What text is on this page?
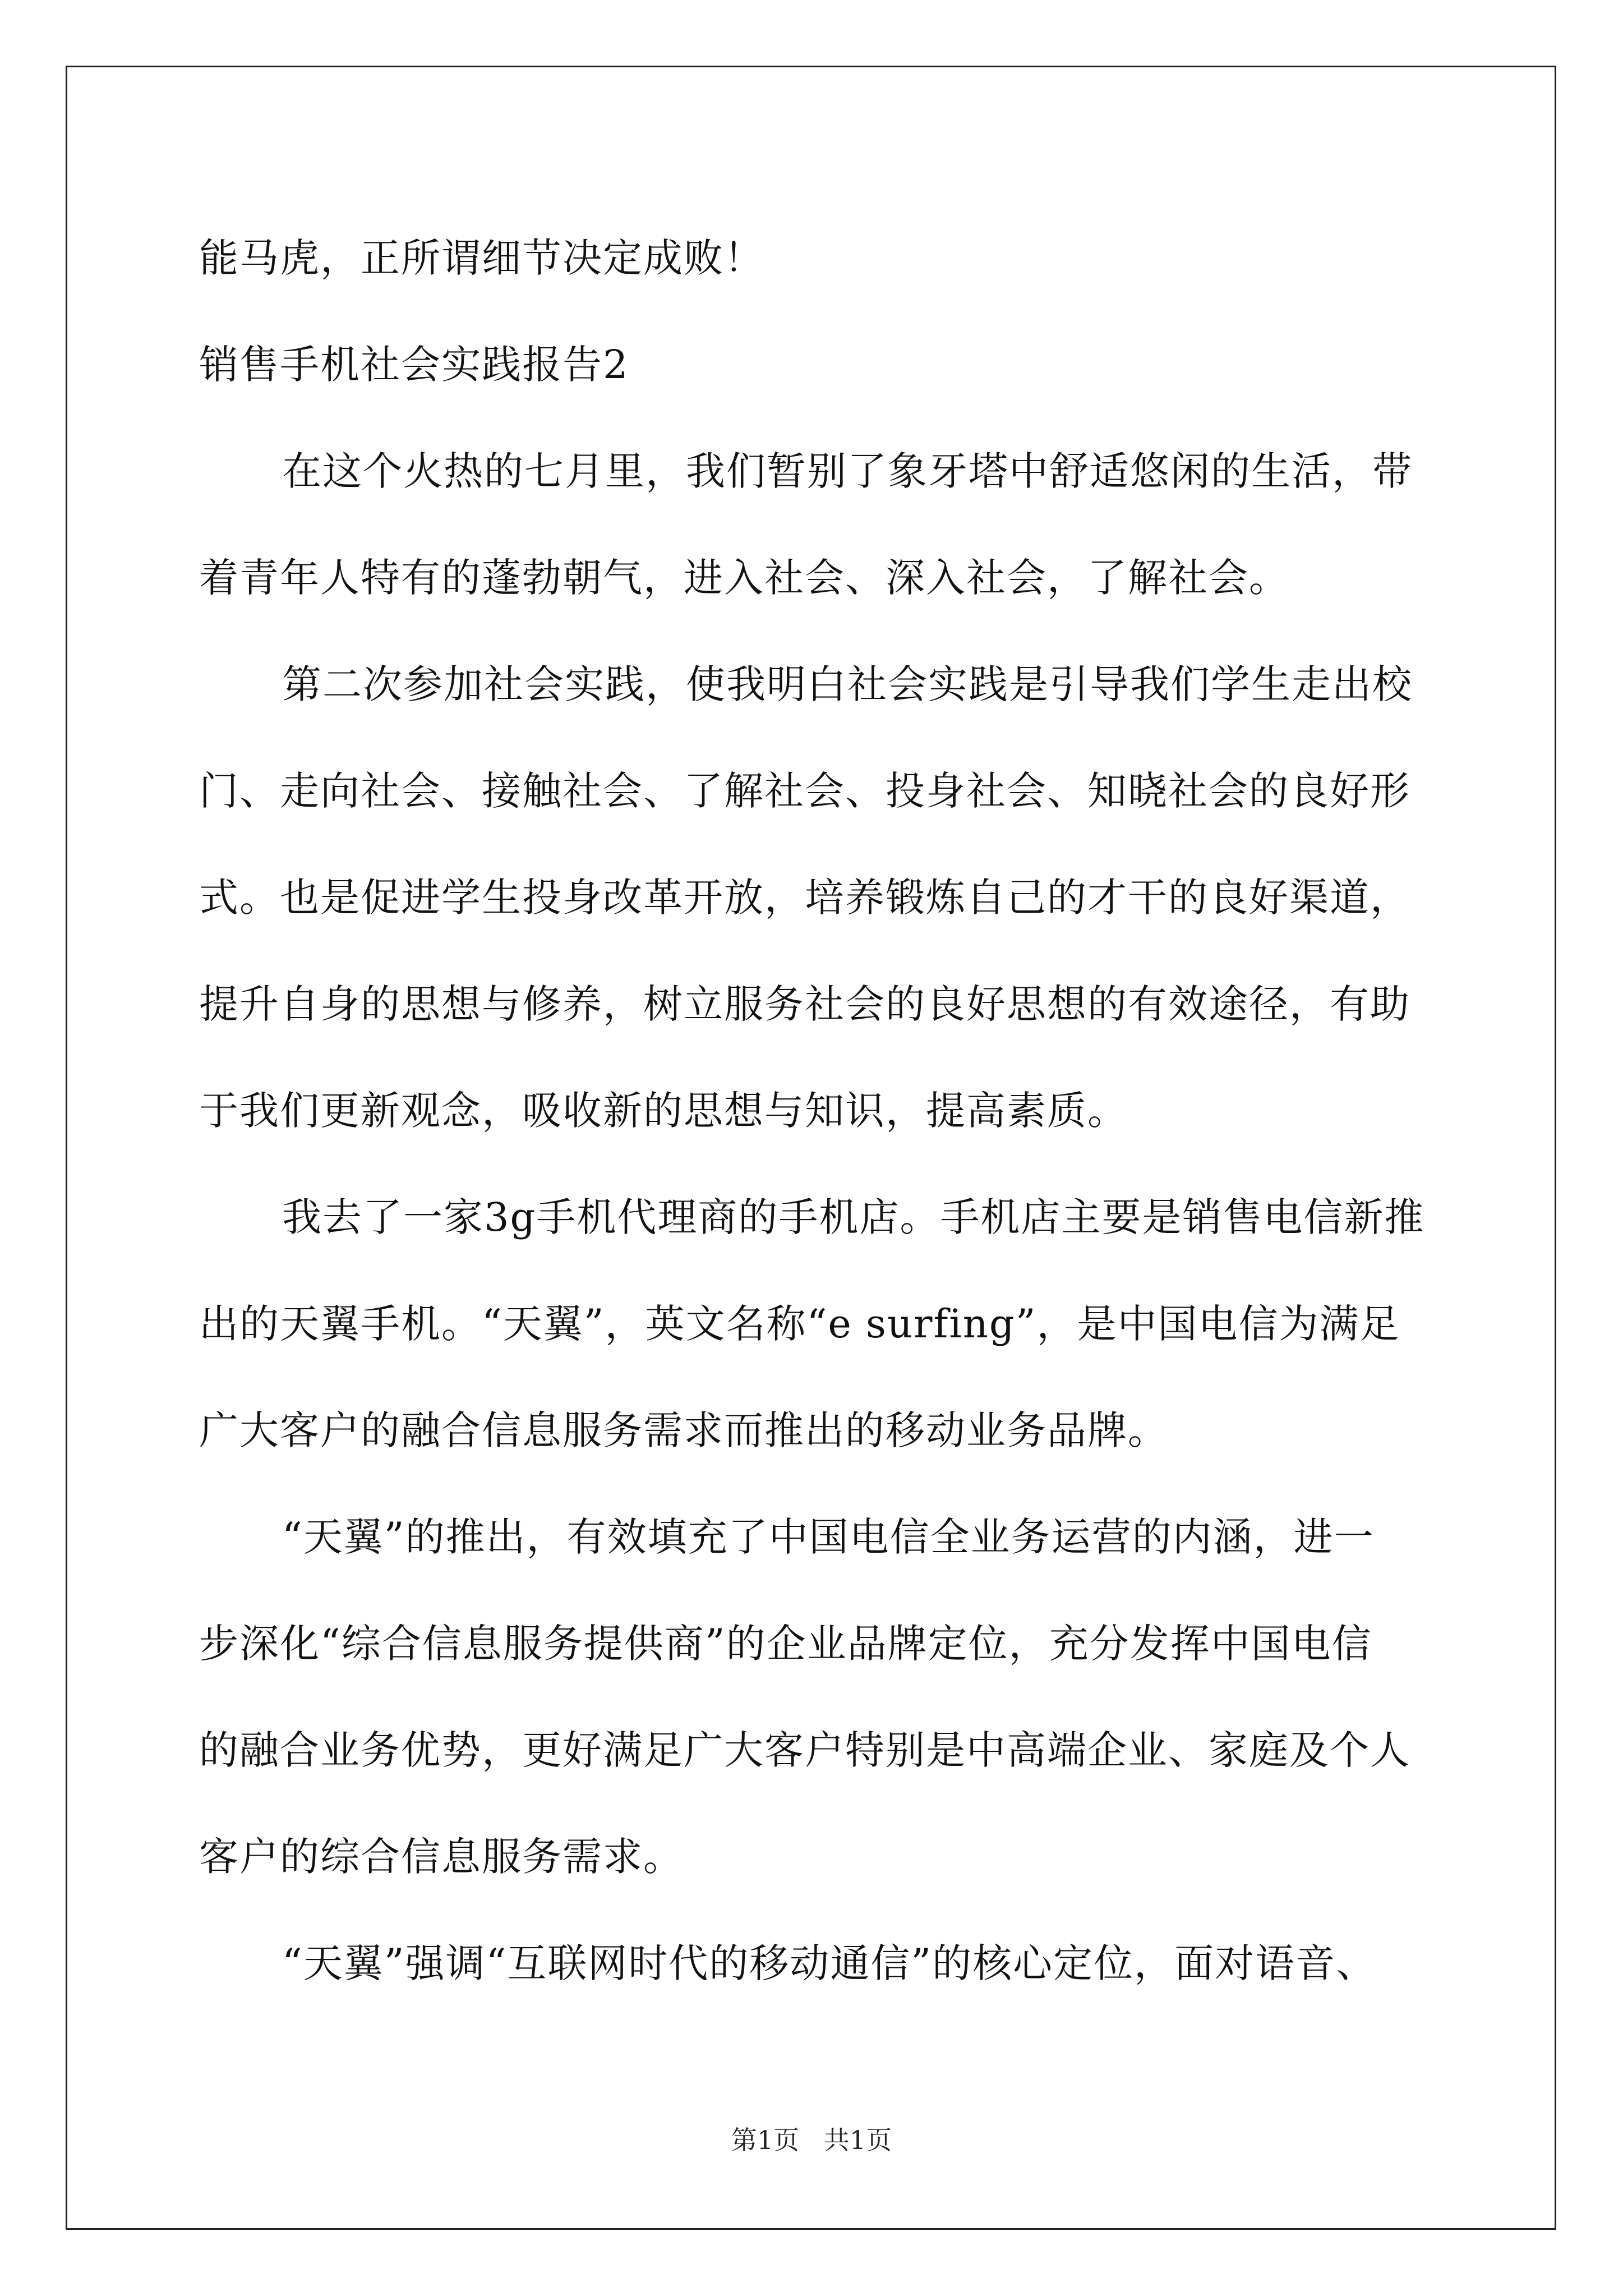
能马虎，正所谓细节决定成败！
销售手机社会实践报告2
在这个火热的七月里，我们暂别了象牙塔中舒适悠闲的生活，带
着青年人特有的蓬勃朝气，进入社会、深入社会，了解社会。
第二次参加社会实践，使我明白社会实践是引导我们学生走出校
门、走向社会、接触社会、了解社会、投身社会、知晓社会的良好形
式。也是促进学生投身改革开放，培养锻炼自己的才干的良好渠道，
提升自身的思想与修养，树立服务社会的良好思想的有效途径，有助
于我们更新观念，吸收新的思想与知识，提高素质。
我去了一家3g手机代理商的手机店。手机店主要是销售电信新推
出的天翼手机。“天翼”，英文名称“e surfing”，是中国电信为满足
广大客户的融合信息服务需求而推出的移动业务品牌。
“天翼”的推出，有效填充了中国电信全业务运营的内涵，进一
步深化“综合信息服务提供商”的企业品牌定位，充分发挥中国电信
的融合业务优势，更好满足广大客户特别是中高端企业、家庭及个人
客户的综合信息服务需求。
“天翼”强调“互联网时代的移动通信”的核心定位，面对语音、
第1页   共1页
